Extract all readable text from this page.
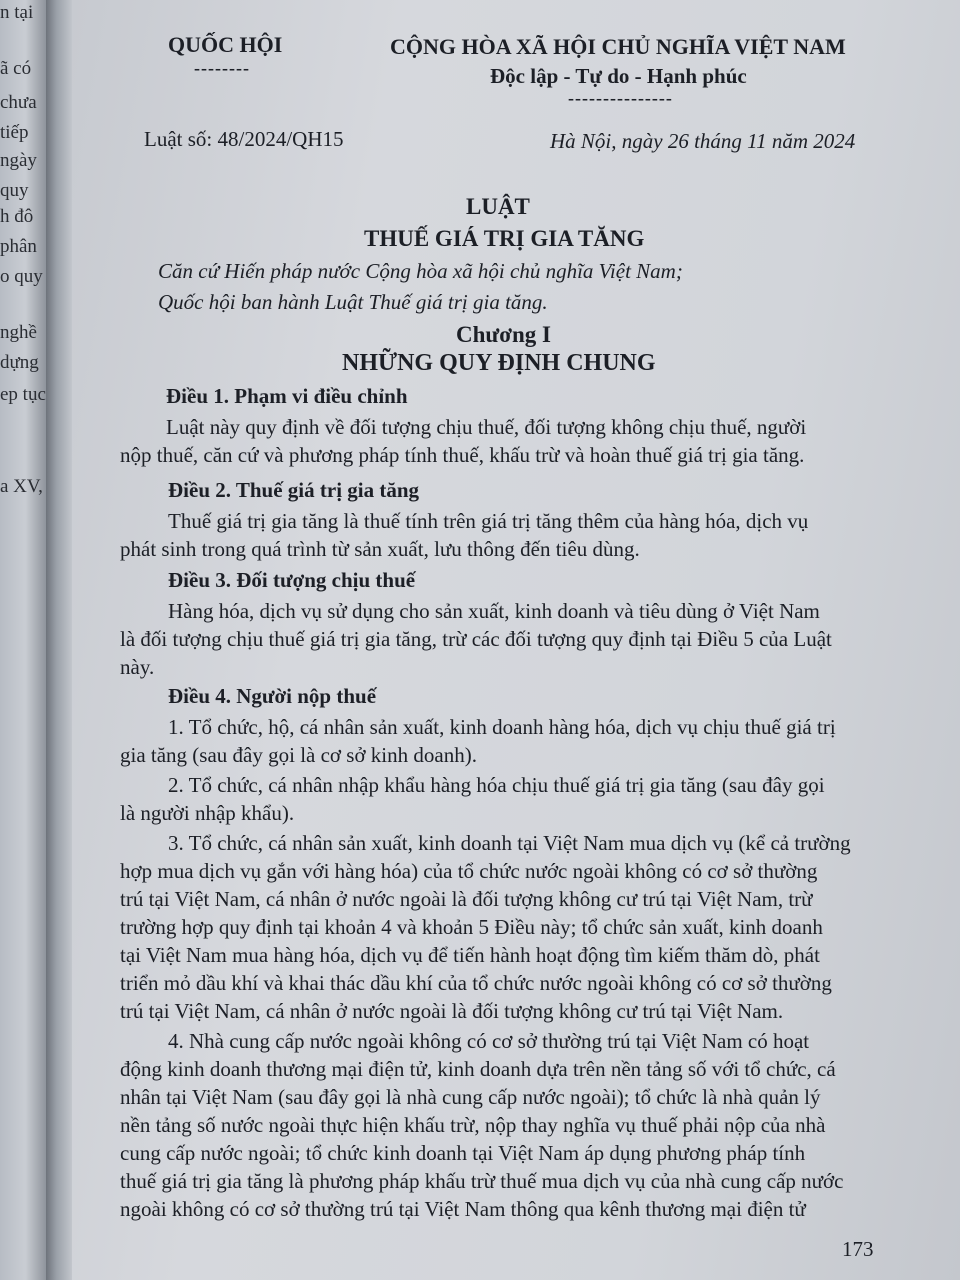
n tại
ã có
chưa
tiếp
ngày
quy
h đô
phân
o quy
nghề
dựng
ep tục
a XV,
QUỐC HỘI
--------
CỘNG HÒA XÃ HỘI CHỦ NGHĨA VIỆT NAM
Độc lập - Tự do - Hạnh phúc
---------------
Luật số: 48/2024/QH15	Hà Nội, ngày 26 tháng 11 năm 2024
LUẬT
THUẾ GIÁ TRỊ GIA TĂNG
Căn cứ Hiến pháp nước Cộng hòa xã hội chủ nghĩa Việt Nam;
Quốc hội ban hành Luật Thuế giá trị gia tăng.
Chương I
NHỮNG QUY ĐỊNH CHUNG
Điều 1. Phạm vi điều chỉnh
Luật này quy định về đối tượng chịu thuế, đối tượng không chịu thuế, người
nộp thuế, căn cứ và phương pháp tính thuế, khấu trừ và hoàn thuế giá trị gia tăng.
Điều 2. Thuế giá trị gia tăng
Thuế giá trị gia tăng là thuế tính trên giá trị tăng thêm của hàng hóa, dịch vụ
phát sinh trong quá trình từ sản xuất, lưu thông đến tiêu dùng.
Điều 3. Đối tượng chịu thuế
Hàng hóa, dịch vụ sử dụng cho sản xuất, kinh doanh và tiêu dùng ở Việt Nam
là đối tượng chịu thuế giá trị gia tăng, trừ các đối tượng quy định tại Điều 5 của Luật
này.
Điều 4. Người nộp thuế
1. Tổ chức, hộ, cá nhân sản xuất, kinh doanh hàng hóa, dịch vụ chịu thuế giá trị
gia tăng (sau đây gọi là cơ sở kinh doanh).
2. Tổ chức, cá nhân nhập khẩu hàng hóa chịu thuế giá trị gia tăng (sau đây gọi
là người nhập khẩu).
3. Tổ chức, cá nhân sản xuất, kinh doanh tại Việt Nam mua dịch vụ (kể cả trường
hợp mua dịch vụ gắn với hàng hóa) của tổ chức nước ngoài không có cơ sở thường
trú tại Việt Nam, cá nhân ở nước ngoài là đối tượng không cư trú tại Việt Nam, trừ
trường hợp quy định tại khoản 4 và khoản 5 Điều này; tổ chức sản xuất, kinh doanh
tại Việt Nam mua hàng hóa, dịch vụ để tiến hành hoạt động tìm kiếm thăm dò, phát
triển mỏ dầu khí và khai thác dầu khí của tổ chức nước ngoài không có cơ sở thường
trú tại Việt Nam, cá nhân ở nước ngoài là đối tượng không cư trú tại Việt Nam.
4. Nhà cung cấp nước ngoài không có cơ sở thường trú tại Việt Nam có hoạt
động kinh doanh thương mại điện tử, kinh doanh dựa trên nền tảng số với tổ chức, cá
nhân tại Việt Nam (sau đây gọi là nhà cung cấp nước ngoài); tổ chức là nhà quản lý
nền tảng số nước ngoài thực hiện khấu trừ, nộp thay nghĩa vụ thuế phải nộp của nhà
cung cấp nước ngoài; tổ chức kinh doanh tại Việt Nam áp dụng phương pháp tính
thuế giá trị gia tăng là phương pháp khấu trừ thuế mua dịch vụ của nhà cung cấp nước
ngoài không có cơ sở thường trú tại Việt Nam thông qua kênh thương mại điện tử
173
